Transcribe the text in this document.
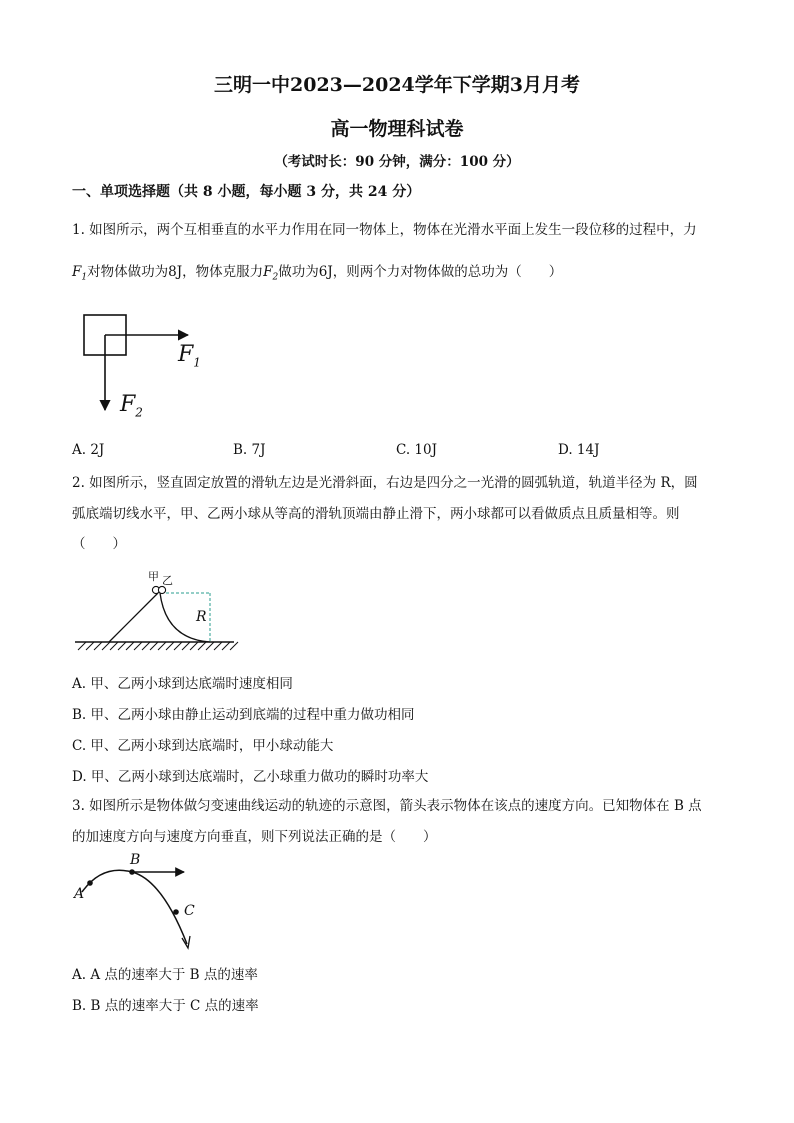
三明一中2023—2024学年下学期3月月考
高一物理科试卷
（考试时长：90 分钟，满分：100 分）
一、单项选择题（共 8 小题，每小题 3 分，共 24 分）
1. 如图所示，两个互相垂直的水平力作用在同一物体上，物体在光滑水平面上发生一段位移的过程中，力
$F_1$对物体做功为8J，物体克服力$F_2$做功为6J，则两个力对物体做的总功为（　　）
$F_1$
$F_2$
A. 2J	B. 7J	C. 10J	D. 14J
2. 如图所示，竖直固定放置的滑轨左边是光滑斜面，右边是四分之一光滑的圆弧轨道，轨道半径为 R，圆
弧底端切线水平，甲、乙两小球从等高的滑轨顶端由静止滑下，两小球都可以看做质点且质量相等。则
（　　）
甲 乙
R
A. 甲、乙两小球到达底端时速度相同
B. 甲、乙两小球由静止运动到底端的过程中重力做功相同
C. 甲、乙两小球到达底端时，甲小球动能大
D. 甲、乙两小球到达底端时，乙小球重力做功的瞬时功率大
3. 如图所示是物体做匀变速曲线运动的轨迹的示意图，箭头表示物体在该点的速度方向。已知物体在 B 点
的加速度方向与速度方向垂直，则下列说法正确的是（　　）
A
B
C
A. A 点的速率大于 B 点的速率
B. B 点的速率大于 C 点的速率
